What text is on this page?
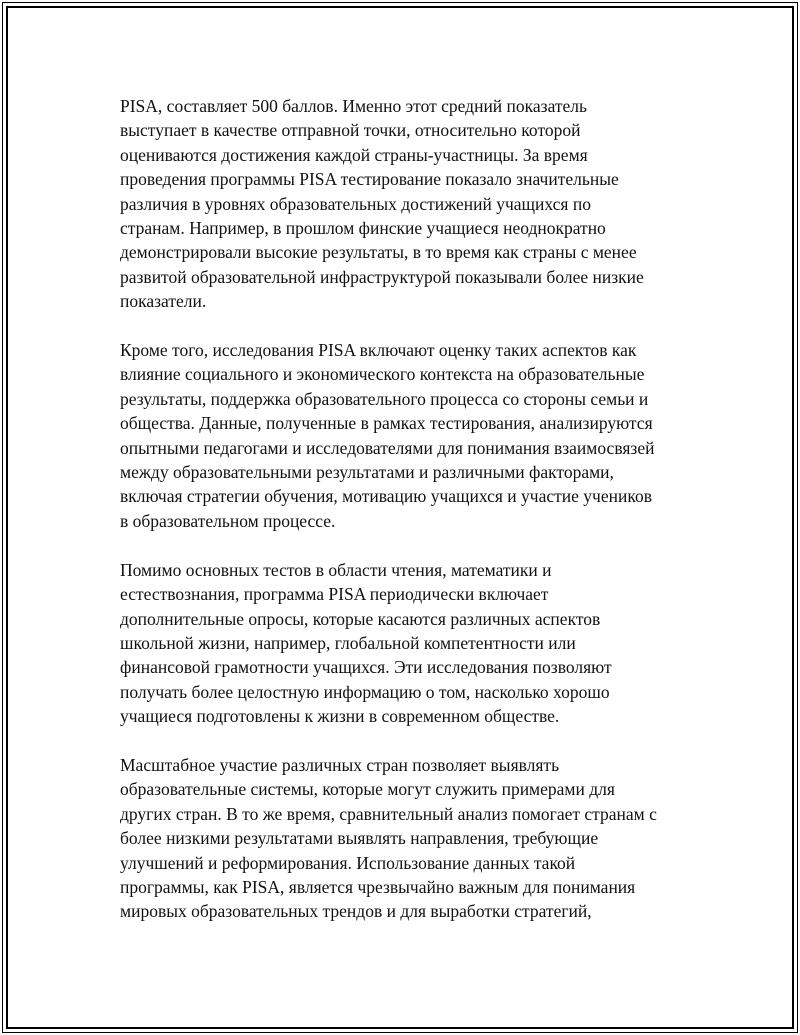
PISA, составляет 500 баллов. Именно этот средний показатель
выступает в качестве отправной точки, относительно которой
оцениваются достижения каждой страны-участницы. За время
проведения программы PISA тестирование показало значительные
различия в уровнях образовательных достижений учащихся по
странам. Например, в прошлом финские учащиеся неоднократно
демонстрировали высокие результаты, в то время как страны с менее
развитой образовательной инфраструктурой показывали более низкие
показатели.

Кроме того, исследования PISA включают оценку таких аспектов как
влияние социального и экономического контекста на образовательные
результаты, поддержка образовательного процесса со стороны семьи и
общества. Данные, полученные в рамках тестирования, анализируются
опытными педагогами и исследователями для понимания взаимосвязей
между образовательными результатами и различными факторами,
включая стратегии обучения, мотивацию учащихся и участие учеников
в образовательном процессе.

Помимо основных тестов в области чтения, математики и
естествознания, программа PISA периодически включает
дополнительные опросы, которые касаются различных аспектов
школьной жизни, например, глобальной компетентности или
финансовой грамотности учащихся. Эти исследования позволяют
получать более целостную информацию о том, насколько хорошо
учащиеся подготовлены к жизни в современном обществе.

Масштабное участие различных стран позволяет выявлять
образовательные системы, которые могут служить примерами для
других стран. В то же время, сравнительный анализ помогает странам с
более низкими результатами выявлять направления, требующие
улучшений и реформирования. Использование данных такой
программы, как PISA, является чрезвычайно важным для понимания
мировых образовательных трендов и для выработки стратегий,
